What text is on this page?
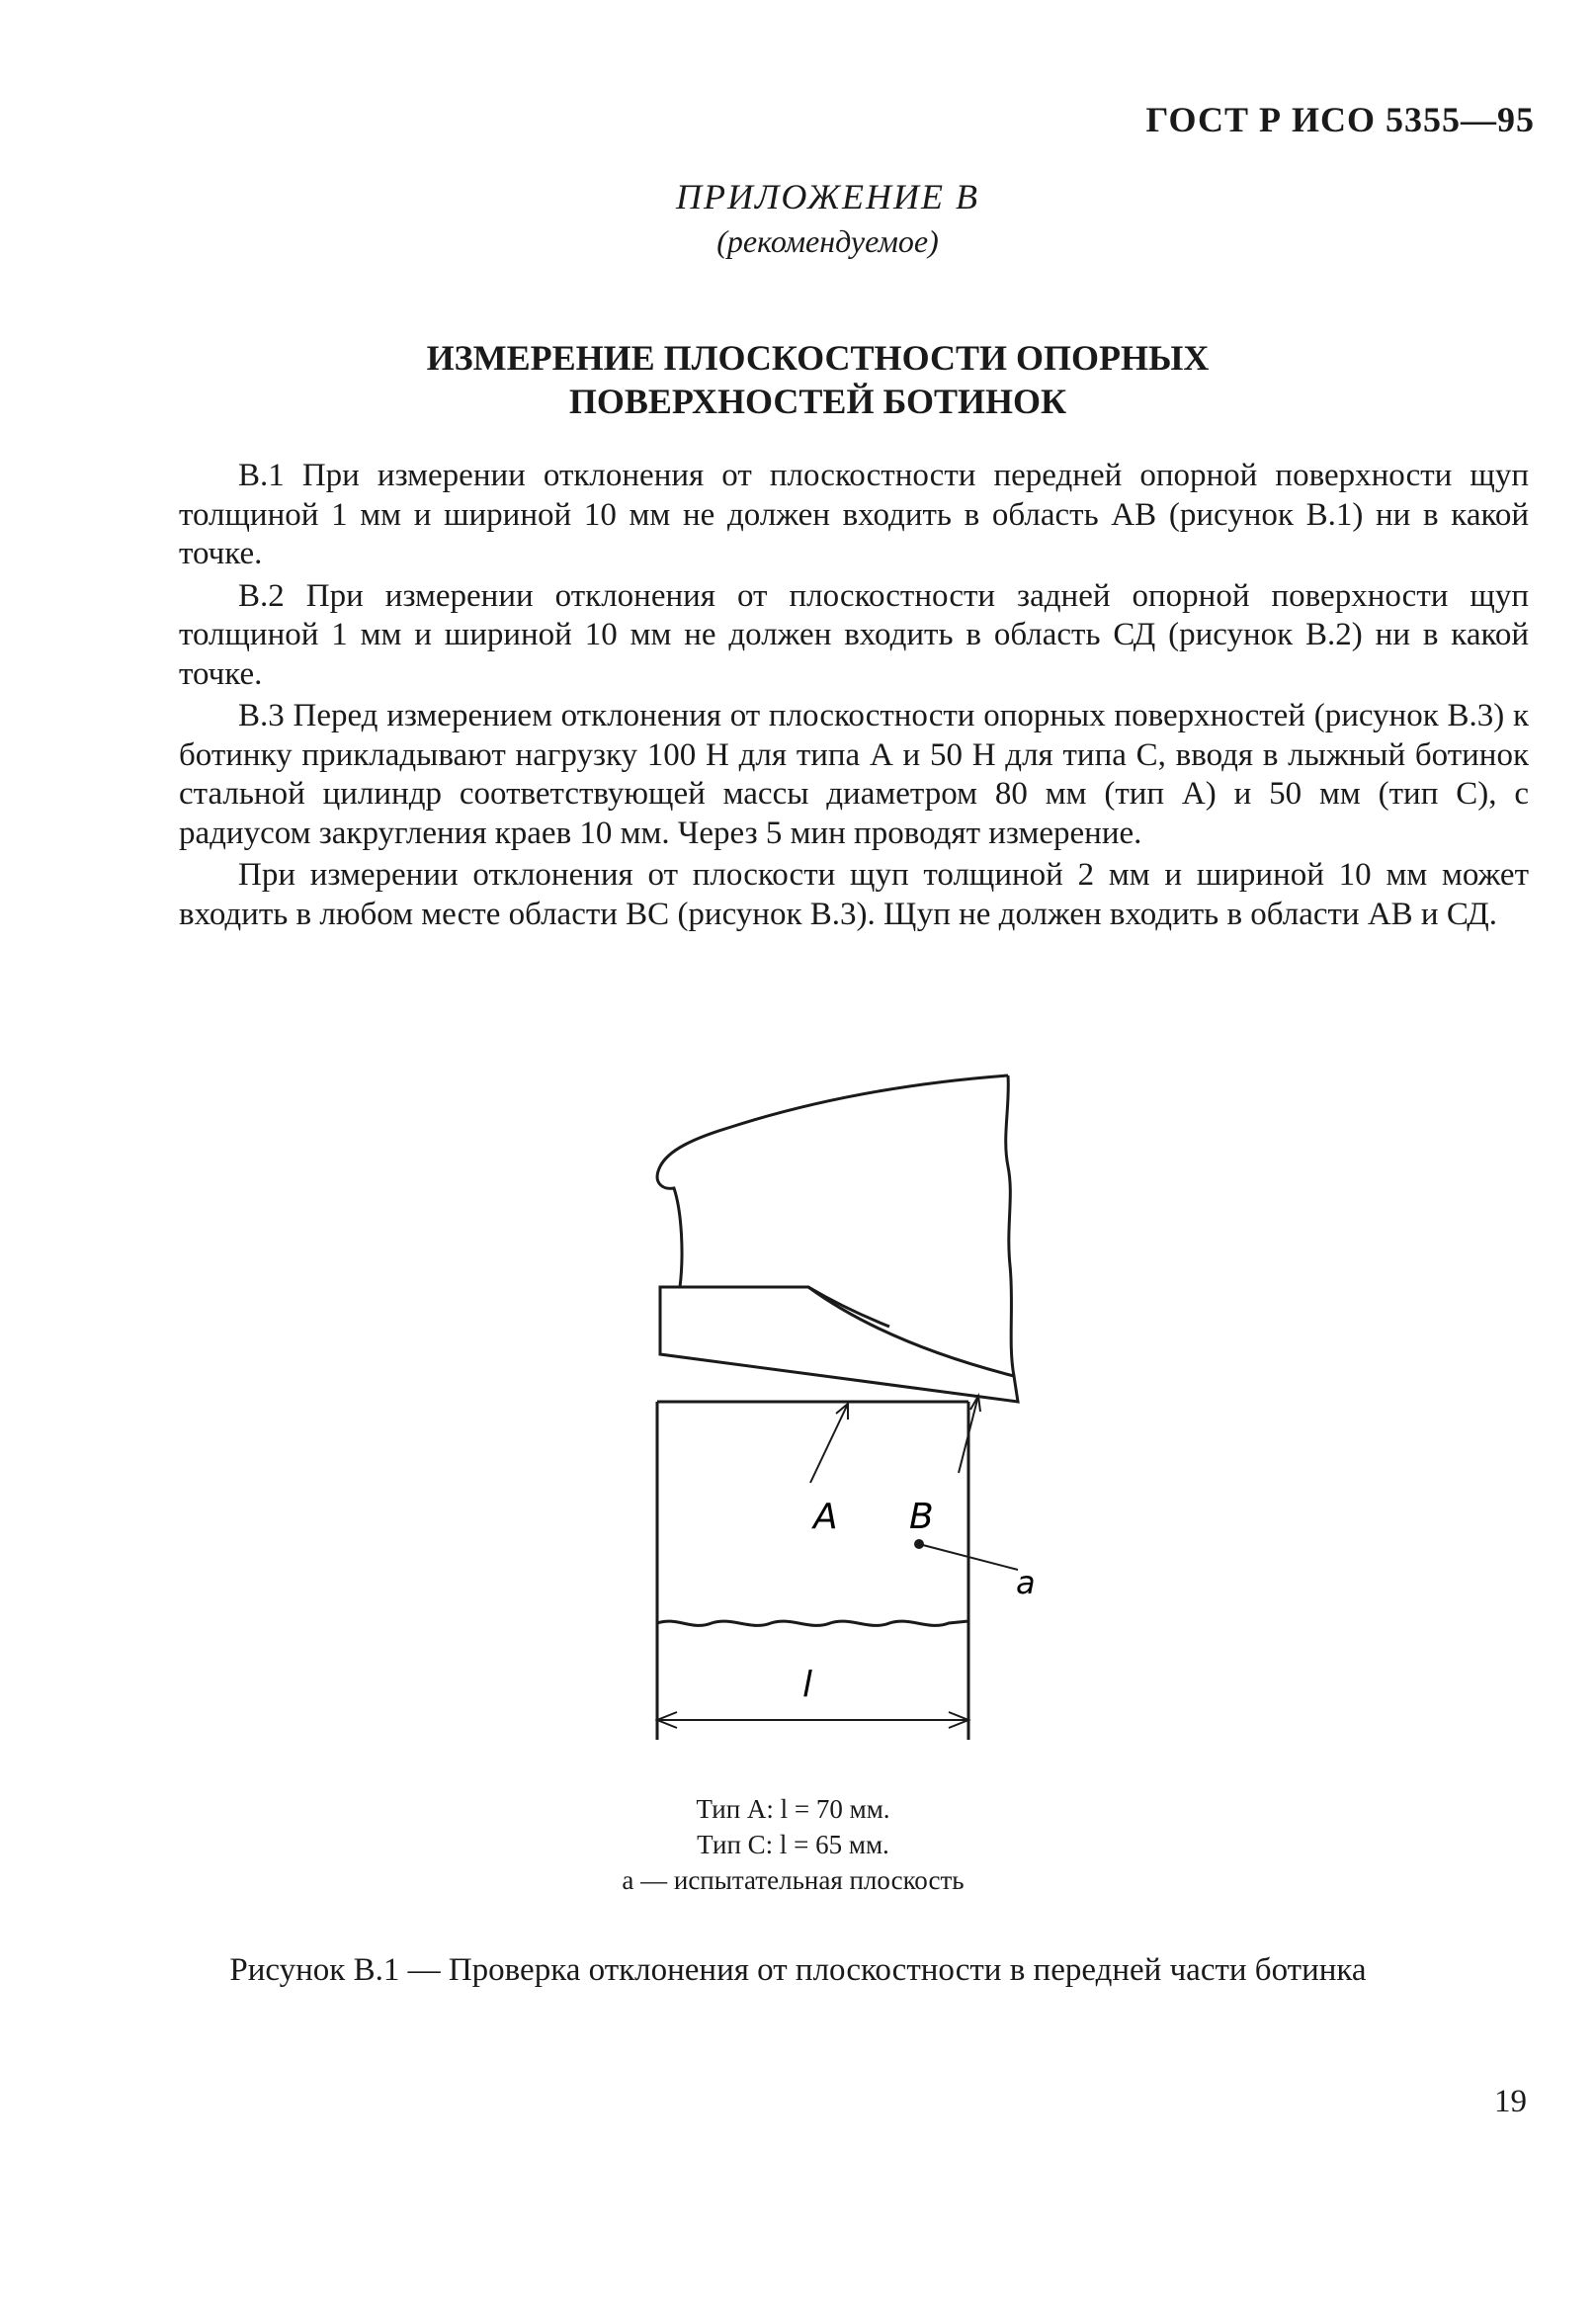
ГОСТ Р ИСО 5355—95
ПРИЛОЖЕНИЕ В
(рекомендуемое)
ИЗМЕРЕНИЕ ПЛОСКОСТНОСТИ ОПОРНЫХ
ПОВЕРХНОСТЕЙ БОТИНОК

В.1 При измерении отклонения от плоскостности передней опорной поверхности щуп толщиной 1 мм и шириной 10 мм не должен входить в область АВ (рисунок В.1) ни в какой точке.

В.2 При измерении отклонения от плоскостности задней опорной поверхности щуп толщиной 1 мм и шириной 10 мм не должен входить в область СД (рисунок В.2) ни в какой точке.

В.3 Перед измерением отклонения от плоскостности опорных поверхностей (рисунок В.3) к ботинку прикладывают нагрузку 100 Н для типа А и 50 Н для типа С, вводя в лыжный ботинок стальной цилиндр соответствующей массы диаметром 80 мм (тип А) и 50 мм (тип С), с радиусом закругления краев 10 мм. Через 5 мин проводят измерение.

При измерении отклонения от плоскости щуп толщиной 2 мм и шириной 10 мм может входить в любом месте области ВС (рисунок В.3). Щуп не должен входить в области АВ и СД.

A B
a
l
Тип А: l = 70 мм.
Тип С: l = 65 мм.
a — испытательная плоскость
Рисунок В.1 — Проверка отклонения от плоскостности в передней части ботинка
19
